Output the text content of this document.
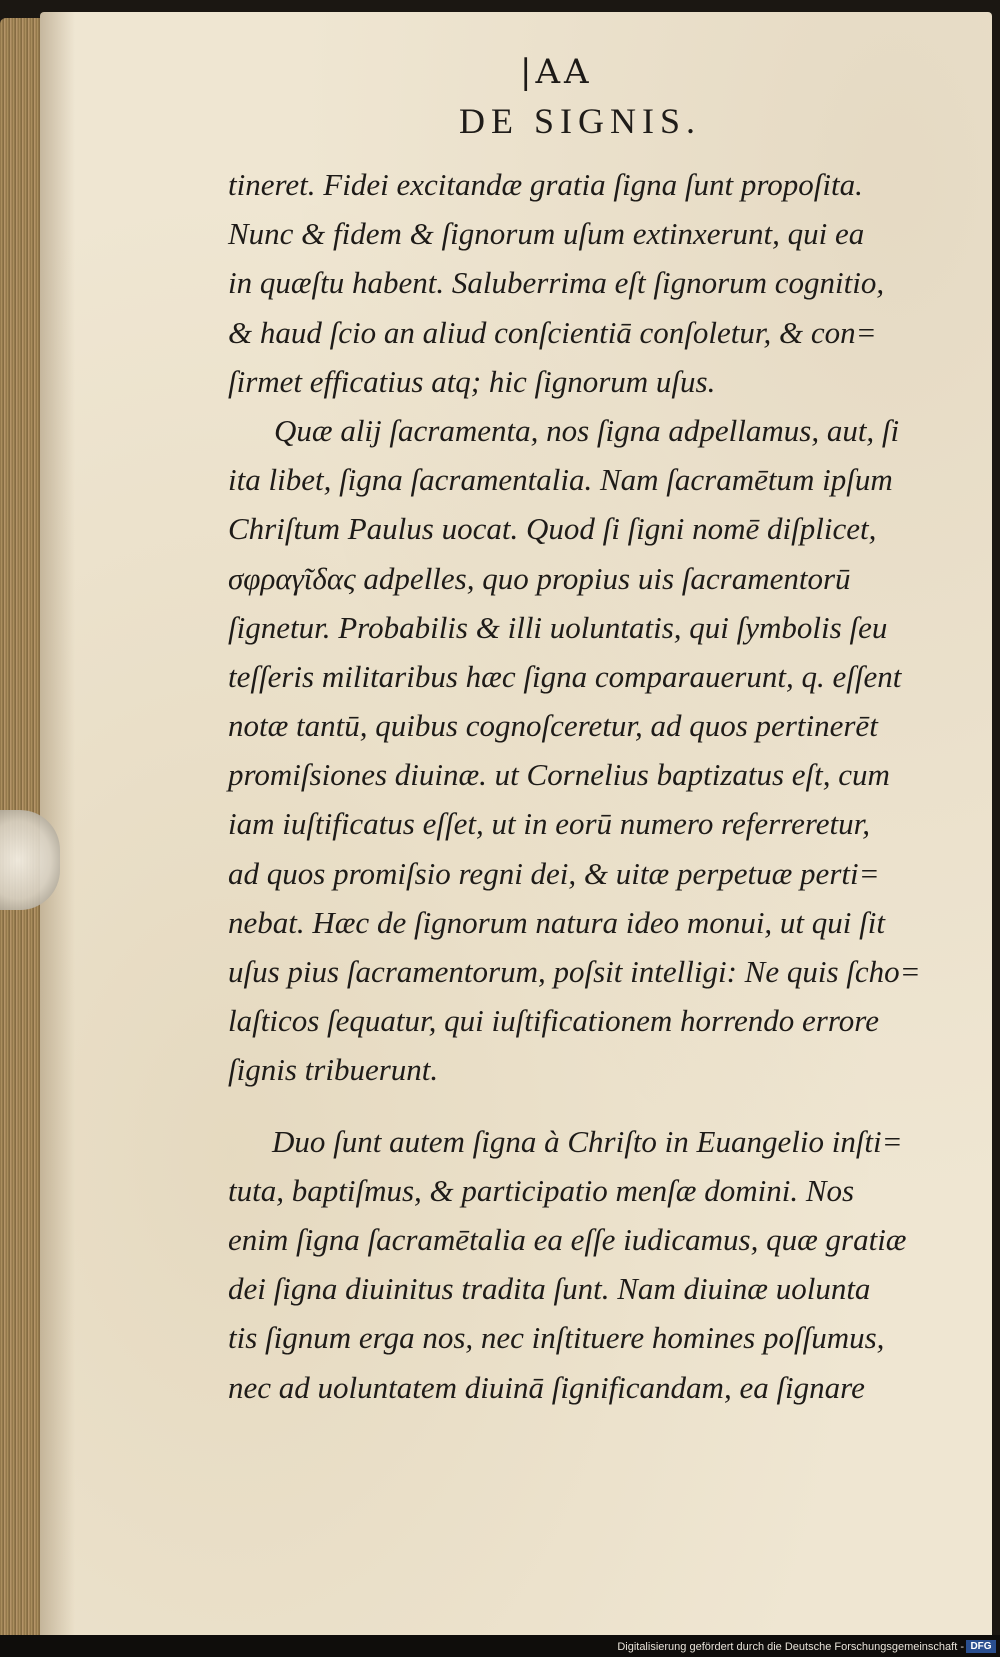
|AA
DE SIGNIS.
tineret. Fidei excitandæ gratia ſigna ſunt propoſita.
Nunc & fidem & ſignorum uſum extinxerunt, qui ea
in quæſtu habent. Saluberrima eſt ſignorum cognitio,
& haud ſcio an aliud conſcientiā conſoletur, & con=
ſirmet efficatius atq; hic ſignorum uſus.
Quæ alij ſacramenta, nos ſigna adpellamus, aut, ſi
ita libet, ſigna ſacramentalia. Nam ſacramētum ipſum
Chriſtum Paulus uocat. Quod ſi ſigni nomē diſplicet,
σφραγῖδας adpelles, quo propius uis ſacramentorū
ſignetur. Probabilis & illi uoluntatis, qui ſymbolis ſeu
teſſeris militaribus hæc ſigna comparauerunt, q. eſſent
notæ tantū, quibus cognoſceretur, ad quos pertinerēt
promiſsiones diuinæ. ut Cornelius baptizatus eſt, cum
iam iuſtificatus eſſet, ut in eorū numero referreretur,
ad quos promiſsio regni dei, & uitæ perpetuæ perti=
nebat. Hæc de ſignorum natura ideo monui, ut qui ſit
uſus pius ſacramentorum, poſsit intelligi: Ne quis ſcho=
laſticos ſequatur, qui iuſtificationem horrendo errore
ſignis tribuerunt.
Duo ſunt autem ſigna à Chriſto in Euangelio inſti=
tuta, baptiſmus, & participatio menſæ domini. Nos
enim ſigna ſacramētalia ea eſſe iudicamus, quæ gratiæ
dei ſigna diuinitus tradita ſunt. Nam diuinæ uolunta
tis ſignum erga nos, nec inſtituere homines poſſumus,
nec ad uoluntatem diuinā ſignificandam, ea ſignare
Digitalisierung gefördert durch die Deutsche Forschungsgemeinschaft - DFG
